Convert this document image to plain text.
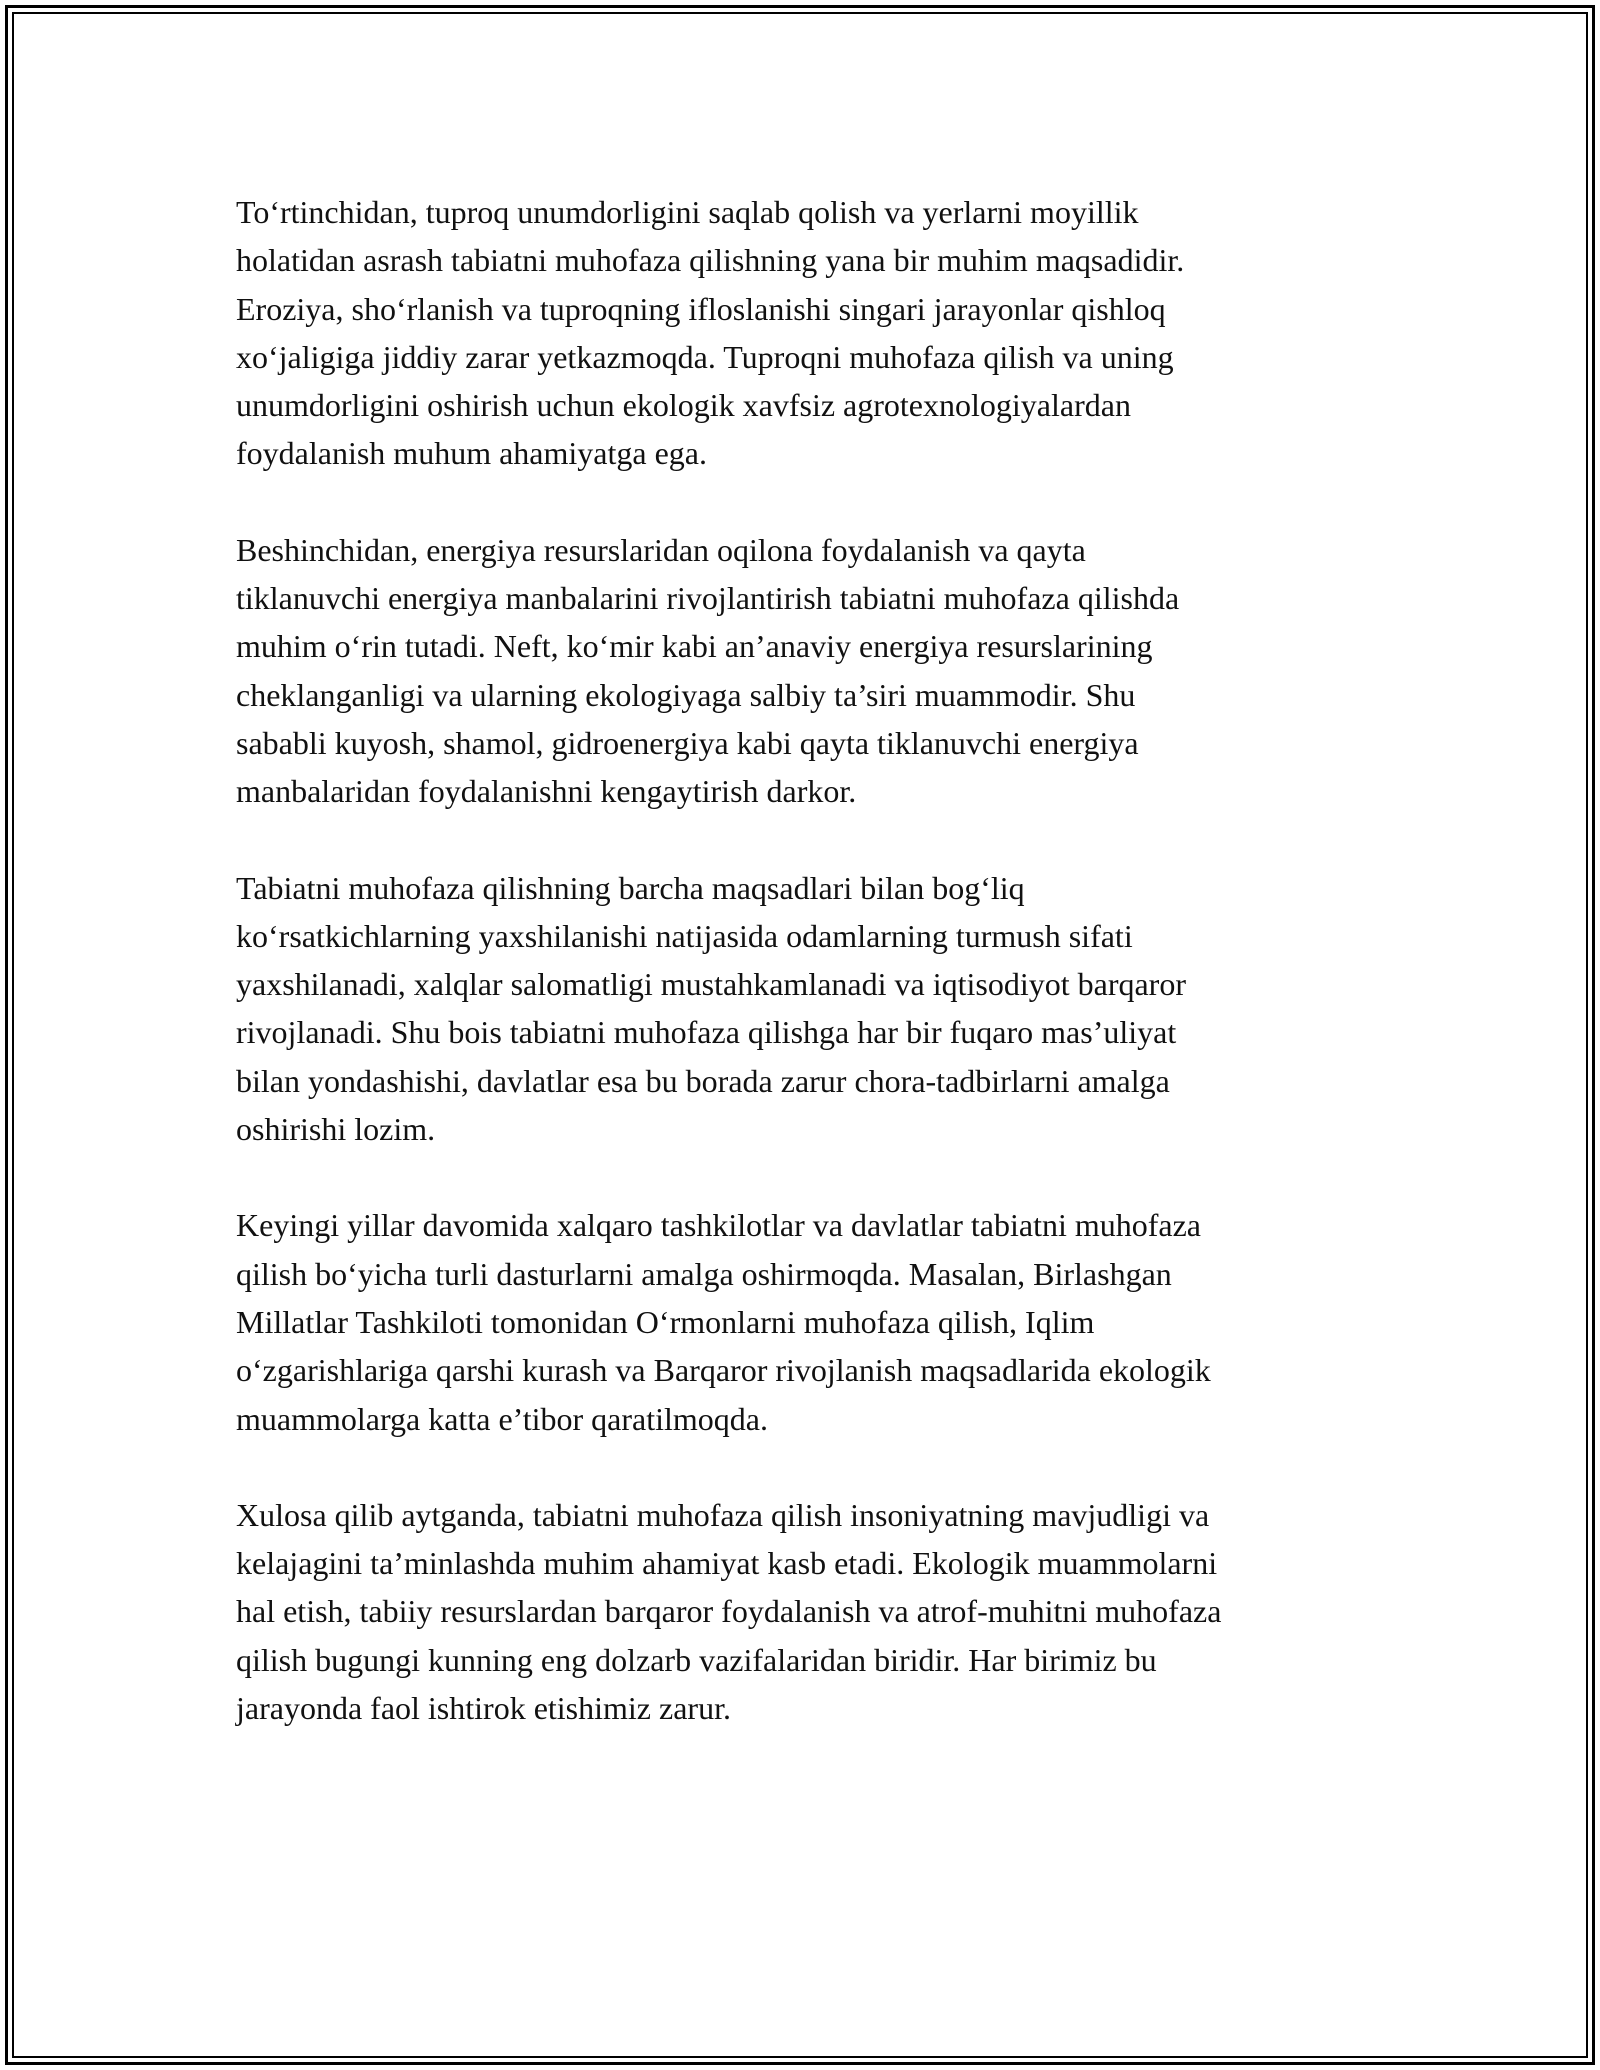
To‘rtinchidan, tuproq unumdorligini saqlab qolish va yerlarni moyillik
holatidan asrash tabiatni muhofaza qilishning yana bir muhim maqsadidir.
Eroziya, sho‘rlanish va tuproqning ifloslanishi singari jarayonlar qishloq
xo‘jaligiga jiddiy zarar yetkazmoqda. Tuproqni muhofaza qilish va uning
unumdorligini oshirish uchun ekologik xavfsiz agrotexnologiyalardan
foydalanish muhum ahamiyatga ega.

Beshinchidan, energiya resurslaridan oqilona foydalanish va qayta
tiklanuvchi energiya manbalarini rivojlantirish tabiatni muhofaza qilishda
muhim o‘rin tutadi. Neft, ko‘mir kabi an’anaviy energiya resurslarining
cheklanganligi va ularning ekologiyaga salbiy ta’siri muammodir. Shu
sababli kuyosh, shamol, gidroenergiya kabi qayta tiklanuvchi energiya
manbalaridan foydalanishni kengaytirish darkor.

Tabiatni muhofaza qilishning barcha maqsadlari bilan bog‘liq
ko‘rsatkichlarning yaxshilanishi natijasida odamlarning turmush sifati
yaxshilanadi, xalqlar salomatligi mustahkamlanadi va iqtisodiyot barqaror
rivojlanadi. Shu bois tabiatni muhofaza qilishga har bir fuqaro mas’uliyat
bilan yondashishi, davlatlar esa bu borada zarur chora-tadbirlarni amalga
oshirishi lozim.

Keyingi yillar davomida xalqaro tashkilotlar va davlatlar tabiatni muhofaza
qilish bo‘yicha turli dasturlarni amalga oshirmoqda. Masalan, Birlashgan
Millatlar Tashkiloti tomonidan O‘rmonlarni muhofaza qilish, Iqlim
o‘zgarishlariga qarshi kurash va Barqaror rivojlanish maqsadlarida ekologik
muammolarga katta e’tibor qaratilmoqda.

Xulosa qilib aytganda, tabiatni muhofaza qilish insoniyatning mavjudligi va
kelajagini ta’minlashda muhim ahamiyat kasb etadi. Ekologik muammolarni
hal etish, tabiiy resurslardan barqaror foydalanish va atrof-muhitni muhofaza
qilish bugungi kunning eng dolzarb vazifalaridan biridir. Har birimiz bu
jarayonda faol ishtirok etishimiz zarur.
